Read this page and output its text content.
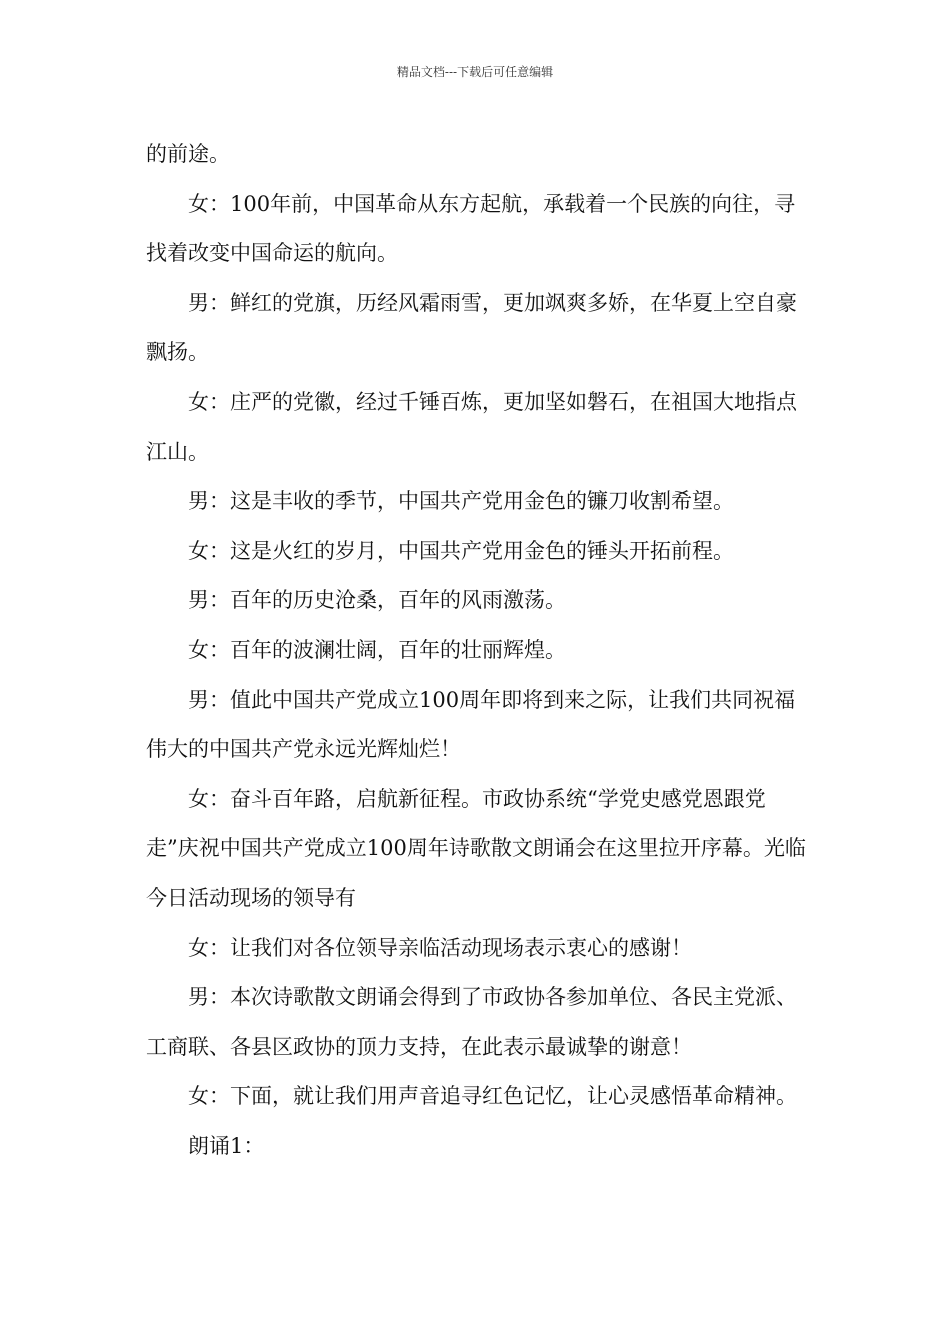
精品文档---下载后可任意编辑

的前途。

女：100年前，中国革命从东方起航，承载着一个民族的向往，寻找着改变中国命运的航向。

男：鲜红的党旗，历经风霜雨雪，更加飒爽多娇，在华夏上空自豪飘扬。

女：庄严的党徽，经过千锤百炼，更加坚如磐石，在祖国大地指点江山。

男：这是丰收的季节，中国共产党用金色的镰刀收割希望。

女：这是火红的岁月，中国共产党用金色的锤头开拓前程。

男：百年的历史沧桑，百年的风雨激荡。

女：百年的波澜壮阔，百年的壮丽辉煌。

男：值此中国共产党成立100周年即将到来之际，让我们共同祝福伟大的中国共产党永远光辉灿烂！

女：奋斗百年路，启航新征程。市政协系统“学党史感党恩跟党走”庆祝中国共产党成立100周年诗歌散文朗诵会在这里拉开序幕。光临今日活动现场的领导有

女：让我们对各位领导亲临活动现场表示衷心的感谢！

男：本次诗歌散文朗诵会得到了市政协各参加单位、各民主党派、工商联、各县区政协的顶力支持，在此表示最诚挚的谢意！

女：下面，就让我们用声音追寻红色记忆，让心灵感悟革命精神。

朗诵1：
